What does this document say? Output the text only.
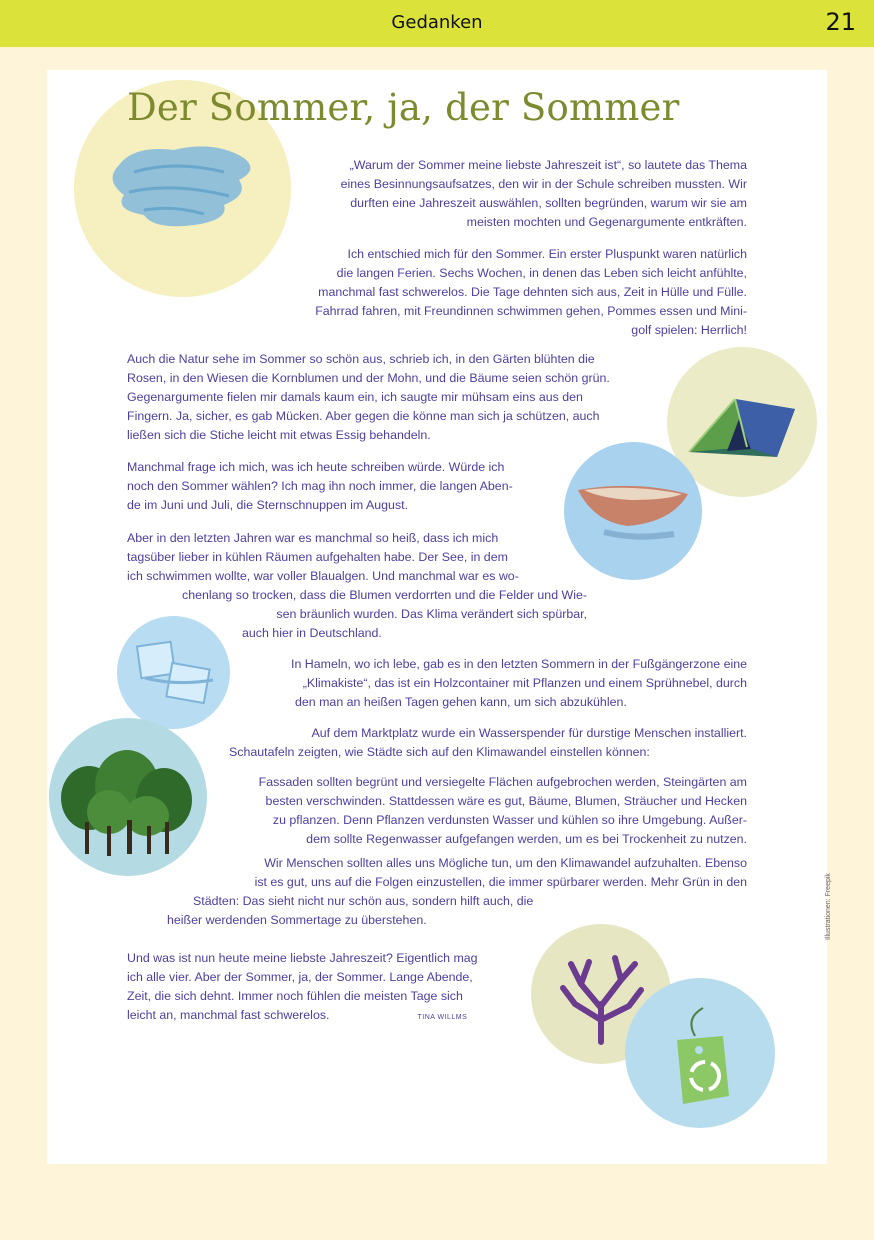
Gedanken	21
Der Sommer, ja, der Sommer
„Warum der Sommer meine liebste Jahreszeit ist“, so lautete das Thema
eines Besinnungsaufsatzes, den wir in der Schule schreiben mussten. Wir
durften eine Jahreszeit auswählen, sollten begründen, warum wir sie am
meisten mochten und Gegenargumente entkräften.
Ich entschied mich für den Sommer. Ein erster Pluspunkt waren natürlich
die langen Ferien. Sechs Wochen, in denen das Leben sich leicht anfühlte,
manchmal fast schwerelos. Die Tage dehnten sich aus, Zeit in Hülle und Fülle.
Fahrrad fahren, mit Freundinnen schwimmen gehen, Pommes essen und Mini-
golf spielen: Herrlich!
Auch die Natur sehe im Sommer so schön aus, schrieb ich, in den Gärten blühten die
Rosen, in den Wiesen die Kornblumen und der Mohn, und die Bäume seien schön grün.
Gegenargumente fielen mir damals kaum ein, ich saugte mir mühsam eins aus den
Fingern. Ja, sicher, es gab Mücken. Aber gegen die könne man sich ja schützen, auch
ließen sich die Stiche leicht mit etwas Essig behandeln.
Manchmal frage ich mich, was ich heute schreiben würde. Würde ich
noch den Sommer wählen? Ich mag ihn noch immer, die langen Aben-
de im Juni und Juli, die Sternschnuppen im August.
Aber in den letzten Jahren war es manchmal so heiß, dass ich mich
tagsüber lieber in kühlen Räumen aufgehalten habe. Der See, in dem
ich schwimmen wollte, war voller Blaualgen. Und manchmal war es wo-
chenlang so trocken, dass die Blumen verdorrten und die Felder und Wie-
sen bräunlich wurden. Das Klima verändert sich spürbar,
auch hier in Deutschland.
In Hameln, wo ich lebe, gab es in den letzten Sommern in der Fußgängerzone eine
„Klimakiste“, das ist ein Holzcontainer mit Pflanzen und einem Sprühnebel, durch
den man an heißen Tagen gehen kann, um sich abzukühlen.
Auf dem Marktplatz wurde ein Wasserspender für durstige Menschen installiert.
Schautafeln zeigten, wie Städte sich auf den Klimawandel einstellen können:
Fassaden sollten begrünt und versiegelte Flächen aufgebrochen werden, Steingärten am
besten verschwinden. Stattdessen wäre es gut, Bäume, Blumen, Sträucher und Hecken
zu pflanzen. Denn Pflanzen verdunsten Wasser und kühlen so ihre Umgebung. Außer-
dem sollte Regenwasser aufgefangen werden, um es bei Trockenheit zu nutzen.
Wir Menschen sollten alles uns Mögliche tun, um den Klimawandel aufzuhalten. Ebenso
ist es gut, uns auf die Folgen einzustellen, die immer spürbarer werden. Mehr Grün in den
Städten: Das sieht nicht nur schön aus, sondern hilft auch, die
heißer werdenden Sommertage zu überstehen.
Und was ist nun heute meine liebste Jahreszeit? Eigentlich mag
ich alle vier. Aber der Sommer, ja, der Sommer. Lange Abende,
Zeit, die sich dehnt. Immer noch fühlen die meisten Tage sich
leicht an, manchmal fast schwerelos.	TINA WILLMS
Illustrationen: Freepik
